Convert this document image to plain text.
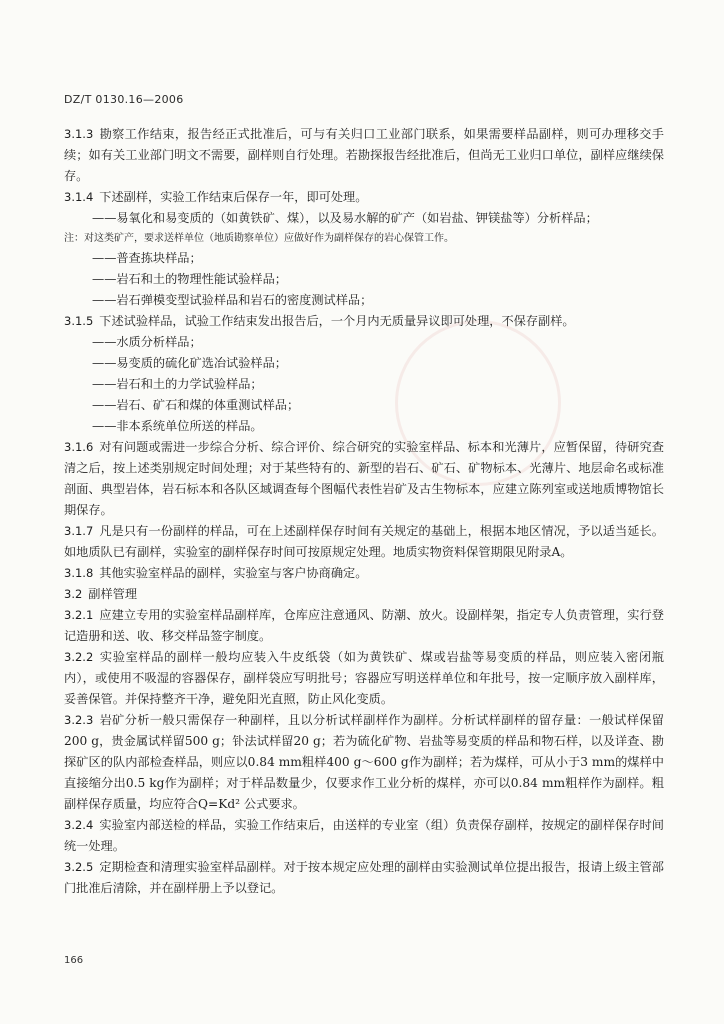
DZ/T 0130.16—2006
3.1.3 勘察工作结束，报告经正式批准后，可与有关归口工业部门联系，如果需要样品副样，则可办理移交手续；如有关工业部门明文不需要，副样则自行处理。若勘探报告经批准后，但尚无工业归口单位，副样应继续保存。
3.1.4 下述副样，实验工作结束后保存一年，即可处理。
——易氧化和易变质的（如黄铁矿、煤），以及易水解的矿产（如岩盐、钾镁盐等）分析样品；
注：对这类矿产，要求送样单位（地质勘察单位）应做好作为副样保存的岩心保管工作。
——普查拣块样品；
——岩石和土的物理性能试验样品；
——岩石弹模变型试验样品和岩石的密度测试样品；
3.1.5 下述试验样品，试验工作结束发出报告后，一个月内无质量异议即可处理，不保存副样。
——水质分析样品；
——易变质的硫化矿选冶试验样品；
——岩石和土的力学试验样品；
——岩石、矿石和煤的体重测试样品；
——非本系统单位所送的样品。
3.1.6 对有问题或需进一步综合分析、综合评价、综合研究的实验室样品、标本和光薄片，应暂保留，待研究查清之后，按上述类别规定时间处理；对于某些特有的、新型的岩石、矿石、矿物标本、光薄片、地层命名或标准剖面、典型岩体，岩石标本和各队区域调查每个图幅代表性岩矿及古生物标本，应建立陈列室或送地质博物馆长期保存。
3.1.7 凡是只有一份副样的样品，可在上述副样保存时间有关规定的基础上，根据本地区情况，予以适当延长。如地质队已有副样，实验室的副样保存时间可按原规定处理。地质实物资料保管期限见附录A。
3.1.8 其他实验室样品的副样，实验室与客户协商确定。
3.2 副样管理
3.2.1 应建立专用的实验室样品副样库，仓库应注意通风、防潮、放火。设副样架，指定专人负责管理，实行登记造册和送、收、移交样品签字制度。
3.2.2 实验室样品的副样一般均应装入牛皮纸袋（如为黄铁矿、煤或岩盐等易变质的样品，则应装入密闭瓶内），或使用不吸湿的容器保存，副样袋应写明批号；容器应写明送样单位和年批号，按一定顺序放入副样库，妥善保管。并保持整齐干净，避免阳光直照，防止风化变质。
3.2.3 岩矿分析一般只需保存一种副样，且以分析试样副样作为副样。分析试样副样的留存量：一般试样保留200 g，贵金属试样留500 g；钋法试样留20 g；若为硫化矿物、岩盐等易变质的样品和物石样，以及详查、勘探矿区的队内部检查样品，则应以0.84 mm粗样400 g～600 g作为副样；若为煤样，可从小于3 mm的煤样中直接缩分出0.5 kg作为副样；对于样品数量少，仅要求作工业分析的煤样，亦可以0.84 mm粗样作为副样。粗副样保存质量，均应符合Q=Kd² 公式要求。
3.2.4 实验室内部送检的样品，实验工作结束后，由送样的专业室（组）负责保存副样，按规定的副样保存时间统一处理。
3.2.5 定期检查和清理实验室样品副样。对于按本规定应处理的副样由实验测试单位提出报告，报请上级主管部门批准后清除，并在副样册上予以登记。
166
